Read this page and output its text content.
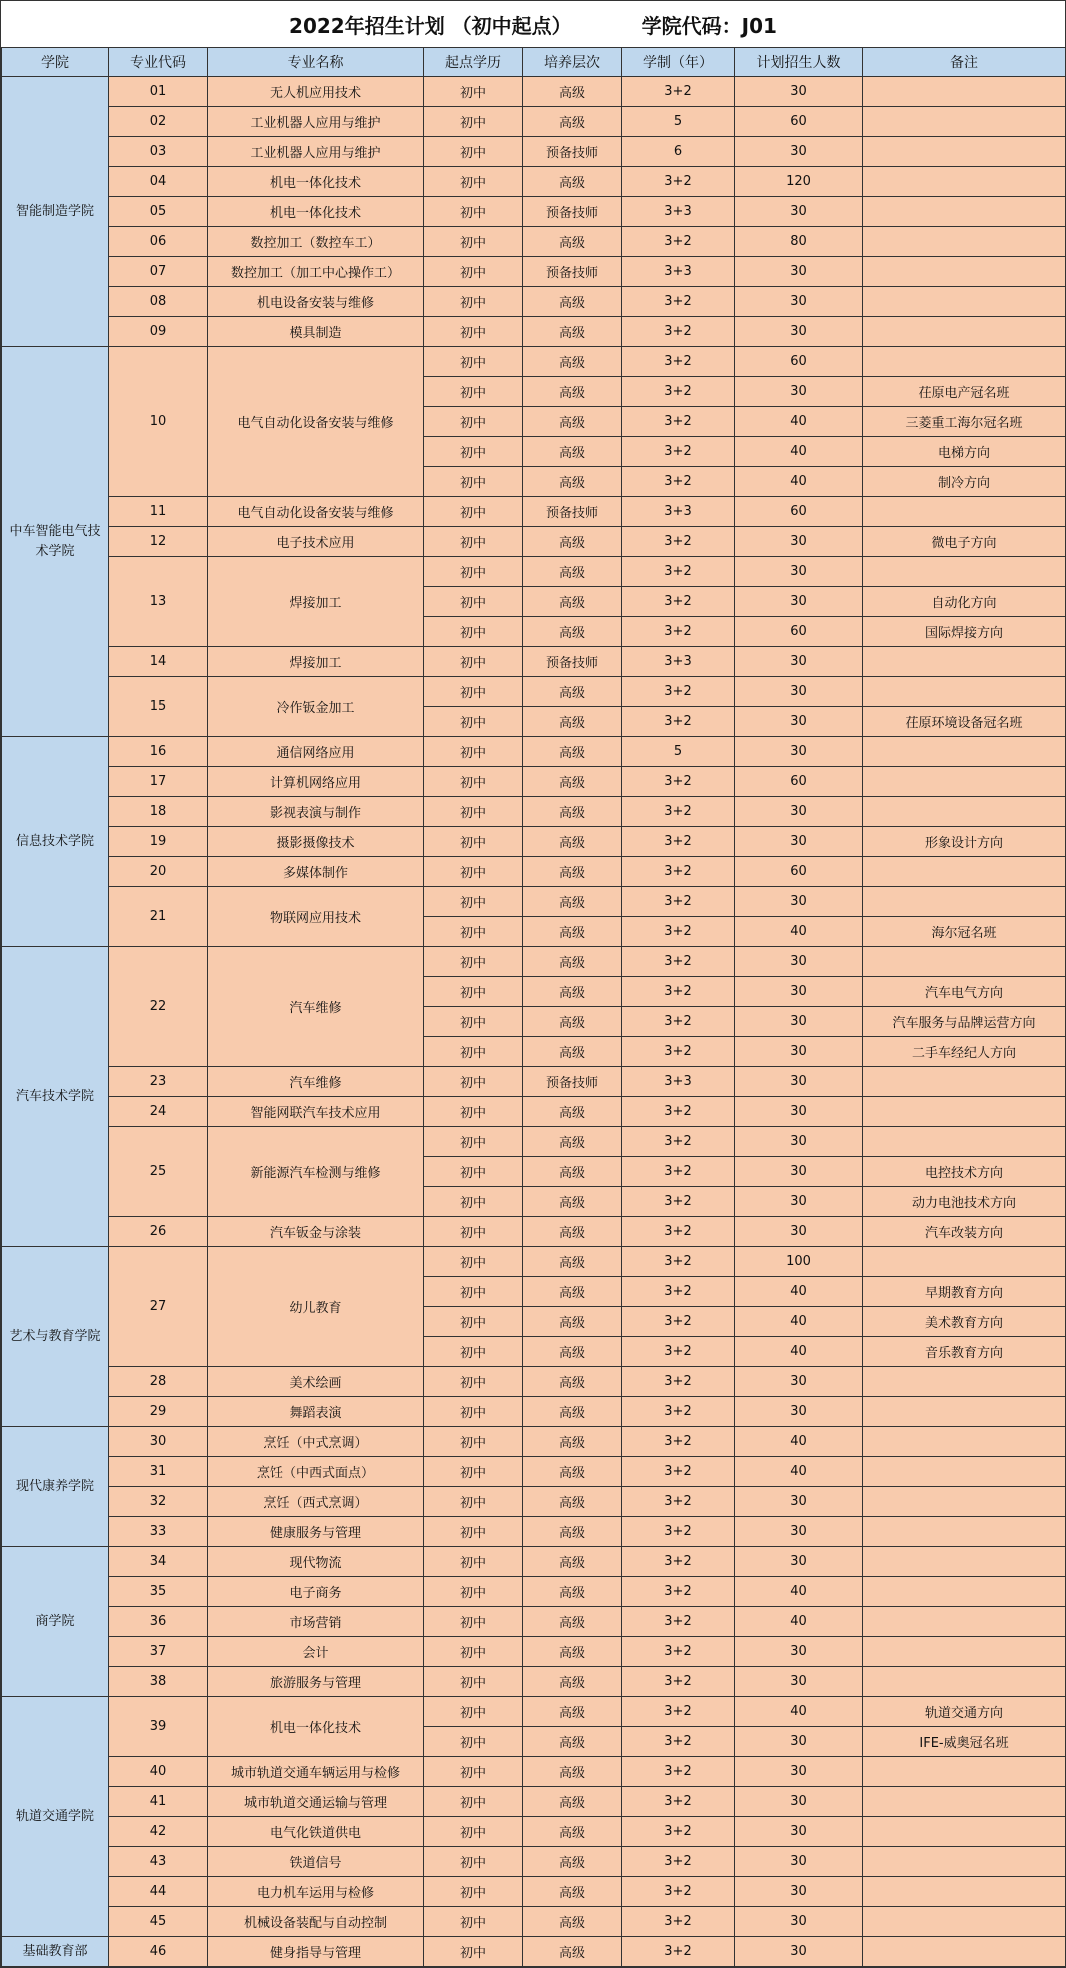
2022年招生计划 （初中起点）	学院代码：J01
学院	专业代码	专业名称	起点学历	培养层次	学制（年）	计划招生人数	备注
智能制造学院	01	无人机应用技术	初中	高级	3+2	30	
	02	工业机器人应用与维护	初中	高级	5	60	
	03	工业机器人应用与维护	初中	预备技师	6	30	
	04	机电一体化技术	初中	高级	3+2	120	
	05	机电一体化技术	初中	预备技师	3+3	30	
	06	数控加工（数控车工）	初中	高级	3+2	80	
	07	数控加工（加工中心操作工）	初中	预备技师	3+3	30	
	08	机电设备安装与维修	初中	高级	3+2	30	
	09	模具制造	初中	高级	3+2	30	
中车智能电气技术学院	10	电气自动化设备安装与维修	初中	高级	3+2	60	
			初中	高级	3+2	30	茌原电产冠名班
			初中	高级	3+2	40	三菱重工海尔冠名班
			初中	高级	3+2	40	电梯方向
			初中	高级	3+2	40	制冷方向
	11	电气自动化设备安装与维修	初中	预备技师	3+3	60	
	12	电子技术应用	初中	高级	3+2	30	微电子方向
	13	焊接加工	初中	高级	3+2	30	
			初中	高级	3+2	30	自动化方向
			初中	高级	3+2	60	国际焊接方向
	14	焊接加工	初中	预备技师	3+3	30	
	15	冷作钣金加工	初中	高级	3+2	30	
			初中	高级	3+2	30	茌原环境设备冠名班
信息技术学院	16	通信网络应用	初中	高级	5	30	
	17	计算机网络应用	初中	高级	3+2	60	
	18	影视表演与制作	初中	高级	3+2	30	
	19	摄影摄像技术	初中	高级	3+2	30	形象设计方向
	20	多媒体制作	初中	高级	3+2	60	
	21	物联网应用技术	初中	高级	3+2	30	
			初中	高级	3+2	40	海尔冠名班
汽车技术学院	22	汽车维修	初中	高级	3+2	30	
			初中	高级	3+2	30	汽车电气方向
			初中	高级	3+2	30	汽车服务与品牌运营方向
			初中	高级	3+2	30	二手车经纪人方向
	23	汽车维修	初中	预备技师	3+3	30	
	24	智能网联汽车技术应用	初中	高级	3+2	30	
	25	新能源汽车检测与维修	初中	高级	3+2	30	
			初中	高级	3+2	30	电控技术方向
			初中	高级	3+2	30	动力电池技术方向
	26	汽车钣金与涂装	初中	高级	3+2	30	汽车改装方向
艺术与教育学院	27	幼儿教育	初中	高级	3+2	100	
			初中	高级	3+2	40	早期教育方向
			初中	高级	3+2	40	美术教育方向
			初中	高级	3+2	40	音乐教育方向
	28	美术绘画	初中	高级	3+2	30	
	29	舞蹈表演	初中	高级	3+2	30	
现代康养学院	30	烹饪（中式烹调）	初中	高级	3+2	40	
	31	烹饪（中西式面点）	初中	高级	3+2	40	
	32	烹饪（西式烹调）	初中	高级	3+2	30	
	33	健康服务与管理	初中	高级	3+2	30	
商学院	34	现代物流	初中	高级	3+2	30	
	35	电子商务	初中	高级	3+2	40	
	36	市场营销	初中	高级	3+2	40	
	37	会计	初中	高级	3+2	30	
	38	旅游服务与管理	初中	高级	3+2	30	
轨道交通学院	39	机电一体化技术	初中	高级	3+2	40	轨道交通方向
			初中	高级	3+2	30	IFE-威奥冠名班
	40	城市轨道交通车辆运用与检修	初中	高级	3+2	30	
	41	城市轨道交通运输与管理	初中	高级	3+2	30	
	42	电气化铁道供电	初中	高级	3+2	30	
	43	铁道信号	初中	高级	3+2	30	
	44	电力机车运用与检修	初中	高级	3+2	30	
	45	机械设备装配与自动控制	初中	高级	3+2	30	
基础教育部	46	健身指导与管理	初中	高级	3+2	30	
